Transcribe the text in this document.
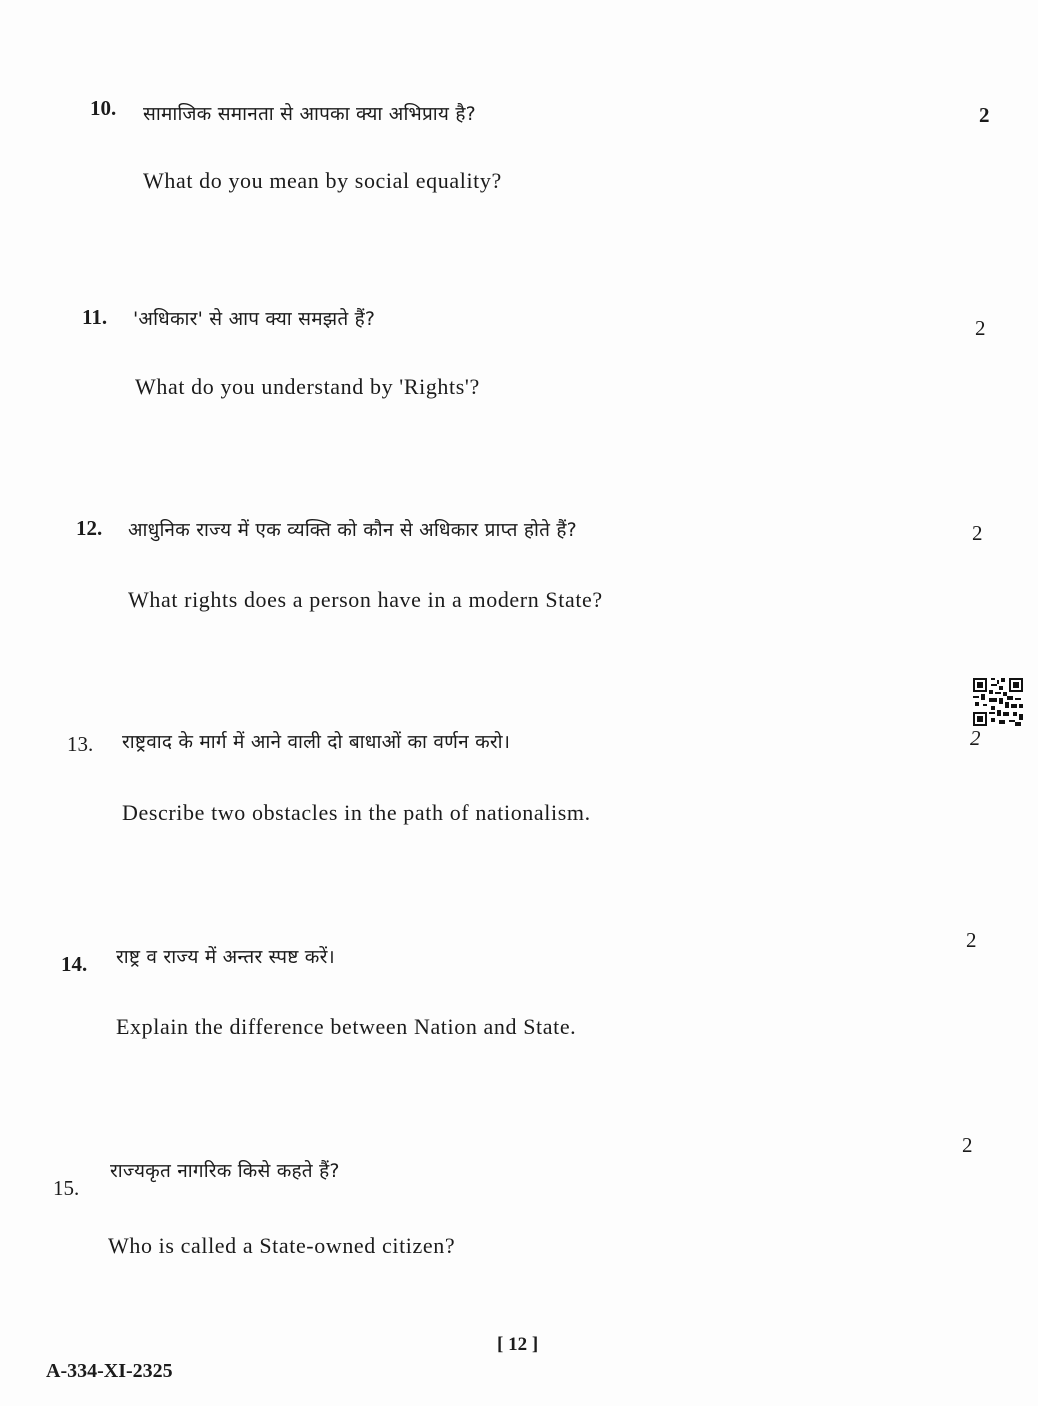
10. सामाजिक समानता से आपका क्या अभिप्राय है?
What do you mean by social equality?
2
11. 'अधिकार' से आप क्या समझते हैं?
What do you understand by 'Rights'?
2
12. आधुनिक राज्य में एक व्यक्ति को कौन से अधिकार प्राप्त होते हैं?
What rights does a person have in a modern State?
2
13. राष्ट्रवाद के मार्ग में आने वाली दो बाधाओं का वर्णन करो।
Describe two obstacles in the path of nationalism.
2
14. राष्ट्र व राज्य में अन्तर स्पष्ट करें।
Explain the difference between Nation and State.
2
15.
राज्यकृत नागरिक किसे कहते हैं?
Who is called a State-owned citizen?
2
[ 12 ]
A-334-XI-2325
